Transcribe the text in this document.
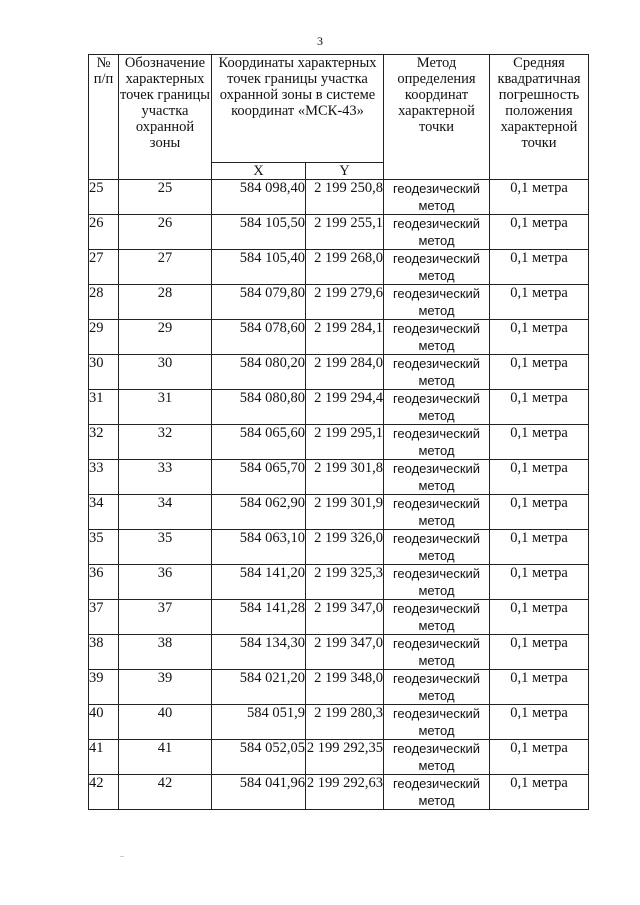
3
№ п/п	Обозначение характерных точек границы участка охранной зоны	Координаты характерных точек границы участка охранной зоны в системе координат «МСК-43»		Метод определения координат характерной точки	Средняя квадратичная погрешность положения характерной точки
		X	Y		
25	25	584 098,40	2 199 250,8	геодезический метод	0,1 метра
26	26	584 105,50	2 199 255,1	геодезический метод	0,1 метра
27	27	584 105,40	2 199 268,0	геодезический метод	0,1 метра
28	28	584 079,80	2 199 279,6	геодезический метод	0,1 метра
29	29	584 078,60	2 199 284,1	геодезический метод	0,1 метра
30	30	584 080,20	2 199 284,0	геодезический метод	0,1 метра
31	31	584 080,80	2 199 294,4	геодезический метод	0,1 метра
32	32	584 065,60	2 199 295,1	геодезический метод	0,1 метра
33	33	584 065,70	2 199 301,8	геодезический метод	0,1 метра
34	34	584 062,90	2 199 301,9	геодезический метод	0,1 метра
35	35	584 063,10	2 199 326,0	геодезический метод	0,1 метра
36	36	584 141,20	2 199 325,3	геодезический метод	0,1 метра
37	37	584 141,28	2 199 347,0	геодезический метод	0,1 метра
38	38	584 134,30	2 199 347,0	геодезический метод	0,1 метра
39	39	584 021,20	2 199 348,0	геодезический метод	0,1 метра
40	40	584 051,9	2 199 280,3	геодезический метод	0,1 метра
41	41	584 052,05	2 199 292,35	геодезический метод	0,1 метра
42	42	584 041,96	2 199 292,63	геодезический метод	0,1 метра
